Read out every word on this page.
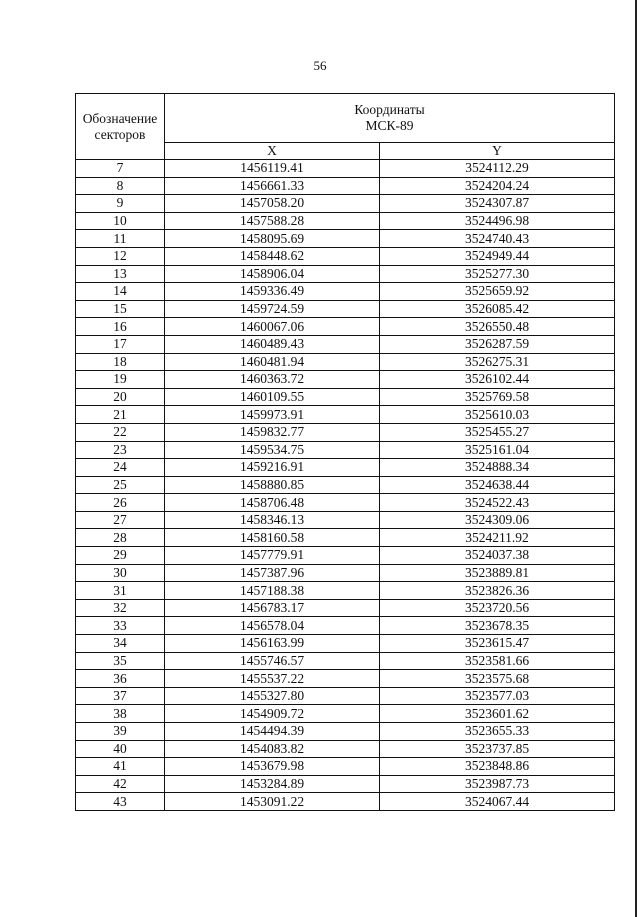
56
Обозначение
секторов	Координаты
МСК-89	
	X	Y
7	1456119.41	3524112.29
8	1456661.33	3524204.24
9	1457058.20	3524307.87
10	1457588.28	3524496.98
11	1458095.69	3524740.43
12	1458448.62	3524949.44
13	1458906.04	3525277.30
14	1459336.49	3525659.92
15	1459724.59	3526085.42
16	1460067.06	3526550.48
17	1460489.43	3526287.59
18	1460481.94	3526275.31
19	1460363.72	3526102.44
20	1460109.55	3525769.58
21	1459973.91	3525610.03
22	1459832.77	3525455.27
23	1459534.75	3525161.04
24	1459216.91	3524888.34
25	1458880.85	3524638.44
26	1458706.48	3524522.43
27	1458346.13	3524309.06
28	1458160.58	3524211.92
29	1457779.91	3524037.38
30	1457387.96	3523889.81
31	1457188.38	3523826.36
32	1456783.17	3523720.56
33	1456578.04	3523678.35
34	1456163.99	3523615.47
35	1455746.57	3523581.66
36	1455537.22	3523575.68
37	1455327.80	3523577.03
38	1454909.72	3523601.62
39	1454494.39	3523655.33
40	1454083.82	3523737.85
41	1453679.98	3523848.86
42	1453284.89	3523987.73
43	1453091.22	3524067.44
